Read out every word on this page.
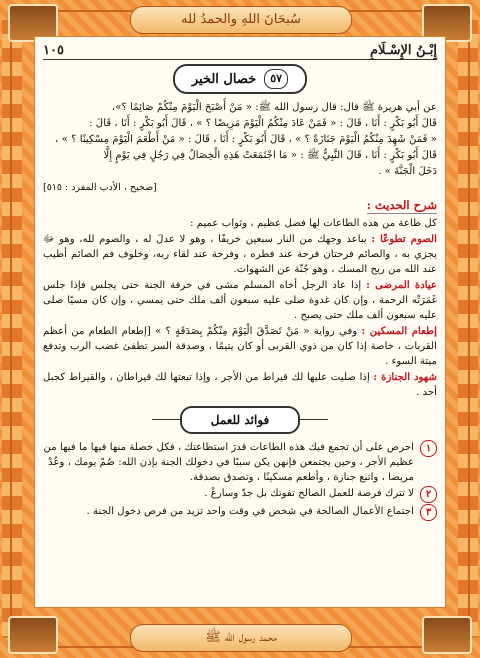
سُبحَانَ اللهِ والحمدُ لله
محمد رسول الله ﷺ
إِبْـنُ الإِسْـلَامِ
١٠٥
٥٧
خصال الخير

عن أبي هريرة ﷺ قال: قال رسول الله ﷺ: « مَنْ أَصْبَحَ الْيَوْمَ مِنْكُمْ صَائِمًا ؟»،

قَالَ أَبُو بَكْرٍ : أَنَا ، قَالَ : « فَمَنْ عَادَ مِنْكُمُ الْيَوْمَ مَرِيضًا ؟ » ، قَالَ أَبُو بَكْرٍ : أَنَا ، قَالَ :

« فَمَنْ شَهِدَ مِنْكُمُ الْيَوْمَ جَنَازَةً ؟ » ، قَالَ أَبُو بَكْرٍ : أَنَا ، قَالَ : « مَنْ أَطْعَمَ الْيَوْمَ مِسْكِينًا ؟ » ،

قَالَ أَبُو بَكْرٍ : أَنَا ، قَالَ النَّبِيُّ ﷺ : « مَا اجْتَمَعَتْ هَذِهِ الْخِصَالُ فِي رَجُلٍ فِي يَوْمٍ إِلَّا

دَخَلَ الْجَنَّةَ » .

[صحيح ، الأدب المفرد : ٥١٥]
شرح الحديث :

كل طاعة من هذه الطاعات لها فضل عظيم ، وثواب عميم :

الصوم تطوعًا : يباعد وجهك من النار سبعين خريفًا ، وهو لا عدلَ له ، والصوم لله، وهو ﷻ يجزي به ، والصائم فرحتان فرحة عند فطره ، وفرحة عند لقاء ربه، وخلوف فم الصائم أطيب عند الله من ريح المسك ، وهو جُنّة عن الشهوات.

عيادة المرضى : إذا عاد الرجل أخاه المسلم مشى في خرفة الجنة حتى يجلس فإذا جلس غَمَرَتْه الرحمة ، وإن كان غدوة صلى عليه سبعون ألف ملك حتى يمسي ، وإن كان مسيًا صلى عليه سبعون ألف ملك حتى يصبح .

إطعام المسكين : وفي رواية « مَنْ تَصَدَّقَ الْيَوْمَ مِنْكُمْ بِصَدَقَةٍ ؟ » [إطعام الطعام من أعظم القربات ، خاصة إذا كان من ذوي القربى أو كان يتيمًا ، وصدقة السر تطفئ غضب الرب وتدفع ميتة السوء .

شهود الجنازة : إذا صليت عليها لك قيراط من الأجر ، وإذا تبعتها لك قيراطان ، والقيراط كجبل أحد .

فوائد للعمل
١
احرص على أن تجمع فيك هذه الطاعات قدرَ استطاعتك ، فكل خصلة منها فيها ما فيها من عظيم الأجر ، وحين يجتمعن فإنهن يكن سببًا في دخولك الجنة بإذن الله: صُمْ يومك ، وعُدْ مريضا ، واتبع جنازة ، وأطعم مسكينًا ، وتصدق بصدقة.
٢
لا تترك فرصة للعمل الصالح تفوتك بل جدّ وسارعْ .
٣
اجتماع الأعمال الصالحة في شخص في وقت واحد تزيد من فرص دخول الجنة .
